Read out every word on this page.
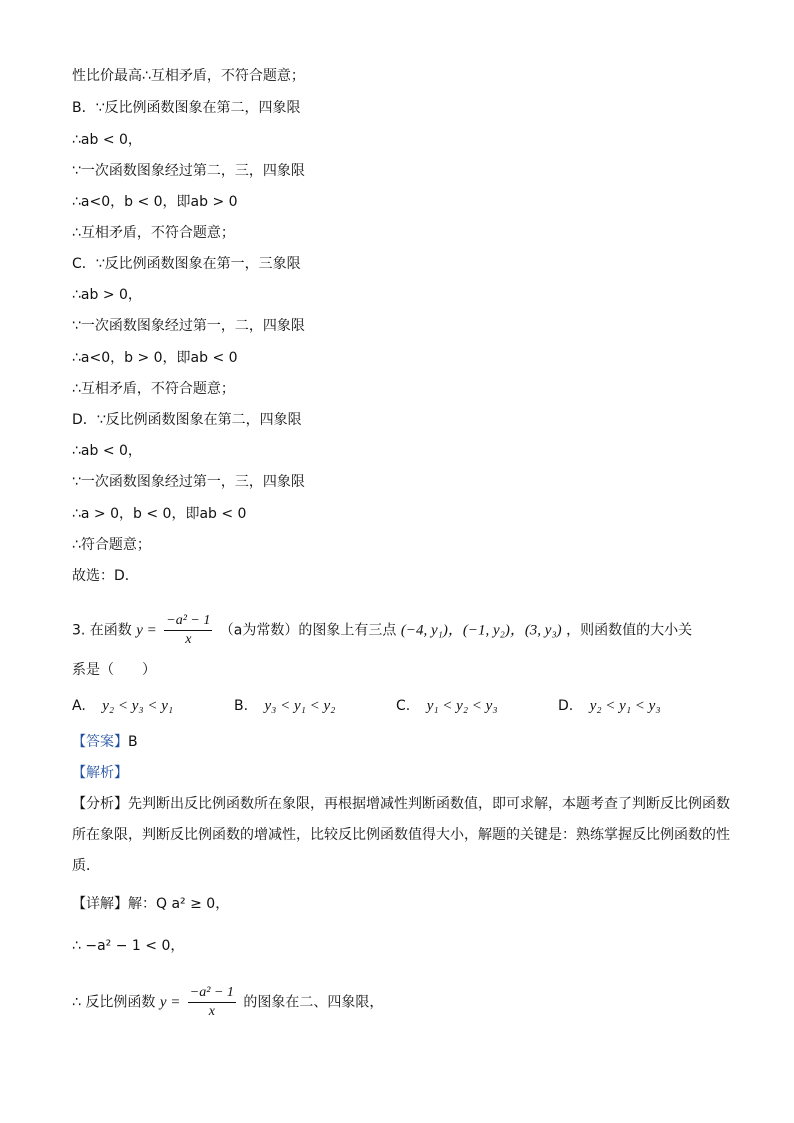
性比价最高∴互相矛盾，不符合题意；
B．∵反比例函数图象在第二，四象限
∴ab < 0，
∵一次函数图象经过第二，三，四象限
∴a<0，b < 0，即ab > 0
∴互相矛盾，不符合题意；
C．∵反比例函数图象在第一，三象限
∴ab > 0，
∵一次函数图象经过第一，二，四象限
∴a<0，b > 0，即ab < 0
∴互相矛盾，不符合题意；
D．∵反比例函数图象在第二，四象限
∴ab < 0，
∵一次函数图象经过第一，三，四象限
∴a > 0，b < 0，即ab < 0
∴符合题意；
故选：D．
3. 在函数 $y = \frac{\text{−a² − 1}}{x} (a$为常数）的图象上有三点 (−4, y₁)，(−1, y₂)，(3, y₃) ，则函数值的大小关
系是（　　）
A. y₂ < y₃ < y₁	B. y₃ < y₁ < y₂	C. y₁ < y₂ < y₃	D. y₂ < y₁ < y₃
【答案】B
【解析】
【分析】先判断出反比例函数所在象限，再根据增减性判断函数值，即可求解，本题考查了判断反比例函数所在象限，判断反比例函数的增减性，比较反比例函数值得大小，解题的关键是：熟练掌握反比例函数的性质．
【详解】解：Q a² ≥ 0，
∴ −a² − 1 < 0，
∴ 反比例函数 $y = \frac{\text{−a² − 1}}{x}$ 的图象在二、四象限，
